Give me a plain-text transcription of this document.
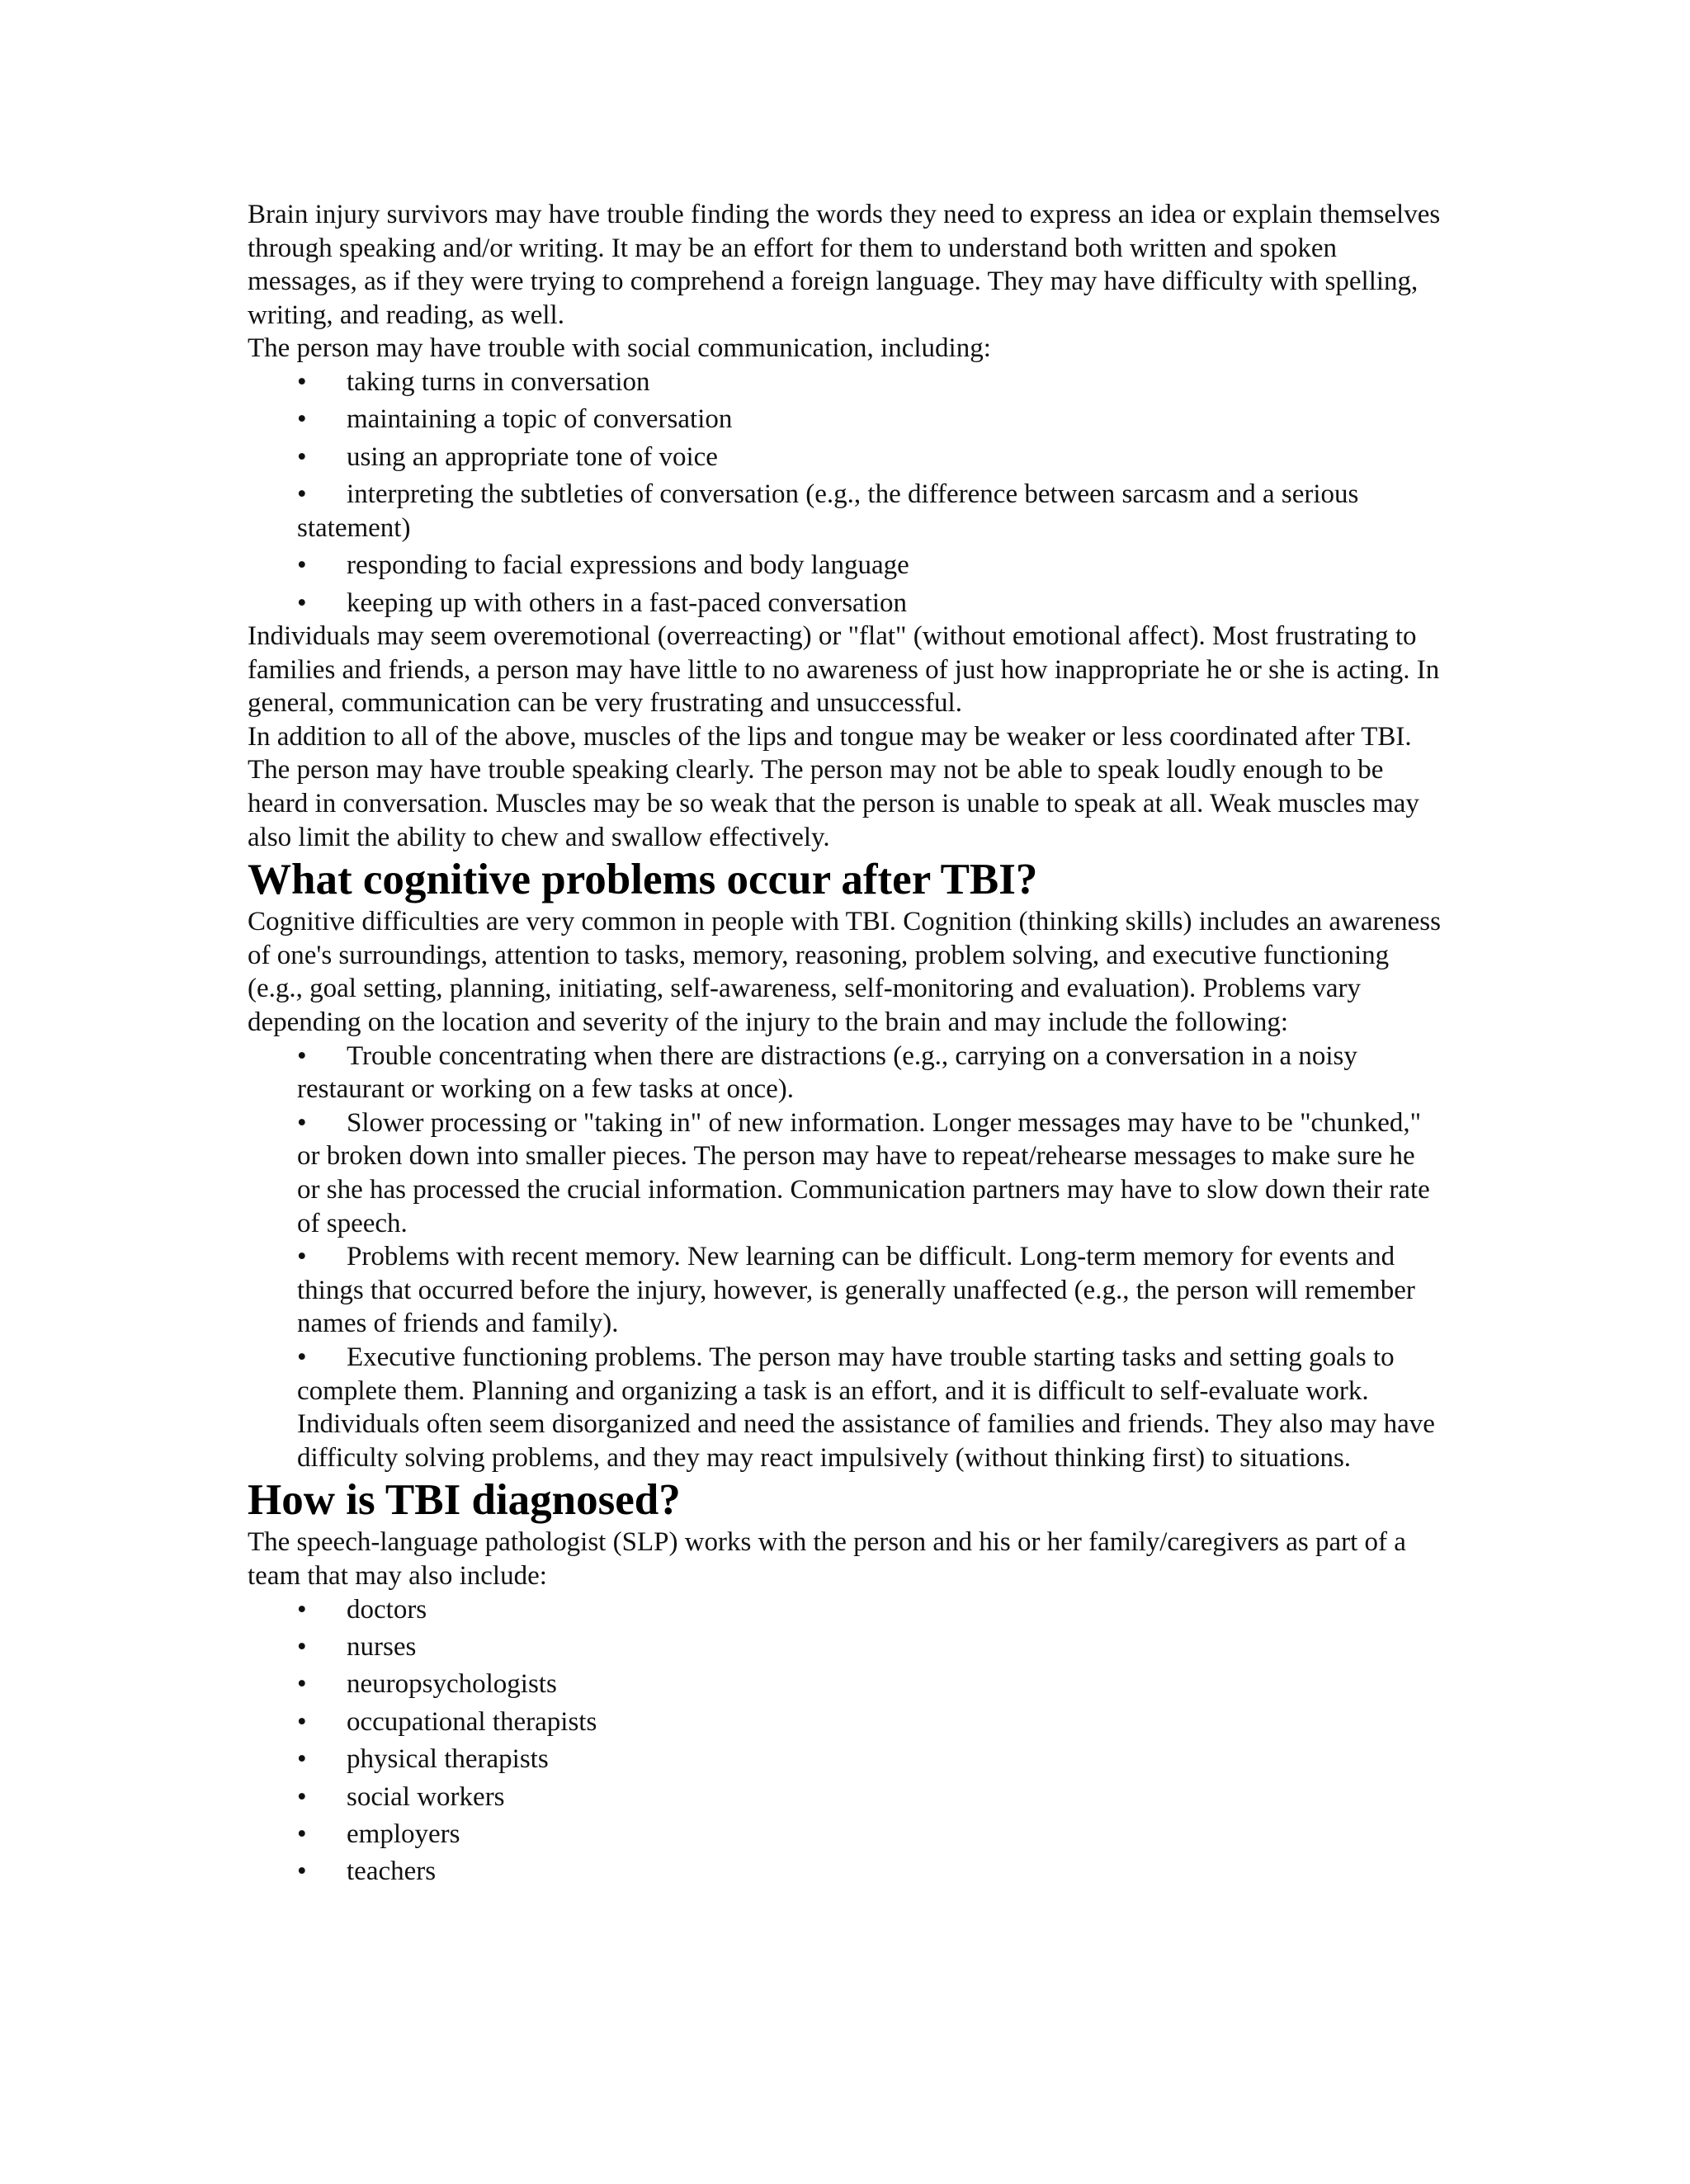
Brain injury survivors may have trouble finding the words they need to express an idea or explain themselves through speaking and/or writing. It may be an effort for them to understand both written and spoken messages, as if they were trying to comprehend a foreign language. They may have difficulty with spelling, writing, and reading, as well.

The person may have trouble with social communication, including:

• taking turns in conversation
• maintaining a topic of conversation
• using an appropriate tone of voice
• interpreting the subtleties of conversation (e.g., the difference between sarcasm and a serious statement)
• responding to facial expressions and body language
• keeping up with others in a fast-paced conversation

Individuals may seem overemotional (overreacting) or "flat" (without emotional affect). Most frustrating to families and friends, a person may have little to no awareness of just how inappropriate he or she is acting. In general, communication can be very frustrating and unsuccessful.

In addition to all of the above, muscles of the lips and tongue may be weaker or less coordinated after TBI. The person may have trouble speaking clearly. The person may not be able to speak loudly enough to be heard in conversation. Muscles may be so weak that the person is unable to speak at all. Weak muscles may also limit the ability to chew and swallow effectively.

What cognitive problems occur after TBI?

Cognitive difficulties are very common in people with TBI. Cognition (thinking skills) includes an awareness of one's surroundings, attention to tasks, memory, reasoning, problem solving, and executive functioning (e.g., goal setting, planning, initiating, self-awareness, self-monitoring and evaluation). Problems vary depending on the location and severity of the injury to the brain and may include the following:

• Trouble concentrating when there are distractions (e.g., carrying on a conversation in a noisy restaurant or working on a few tasks at once).
• Slower processing or "taking in" of new information. Longer messages may have to be "chunked," or broken down into smaller pieces. The person may have to repeat/rehearse messages to make sure he or she has processed the crucial information. Communication partners may have to slow down their rate of speech.
• Problems with recent memory. New learning can be difficult. Long-term memory for events and things that occurred before the injury, however, is generally unaffected (e.g., the person will remember names of friends and family).
• Executive functioning problems. The person may have trouble starting tasks and setting goals to complete them. Planning and organizing a task is an effort, and it is difficult to self-evaluate work. Individuals often seem disorganized and need the assistance of families and friends. They also may have difficulty solving problems, and they may react impulsively (without thinking first) to situations.
How is TBI diagnosed?

The speech-language pathologist (SLP) works with the person and his or her family/caregivers as part of a team that may also include:

• doctors
• nurses
• neuropsychologists
• occupational therapists
• physical therapists
• social workers
• employers
• teachers
